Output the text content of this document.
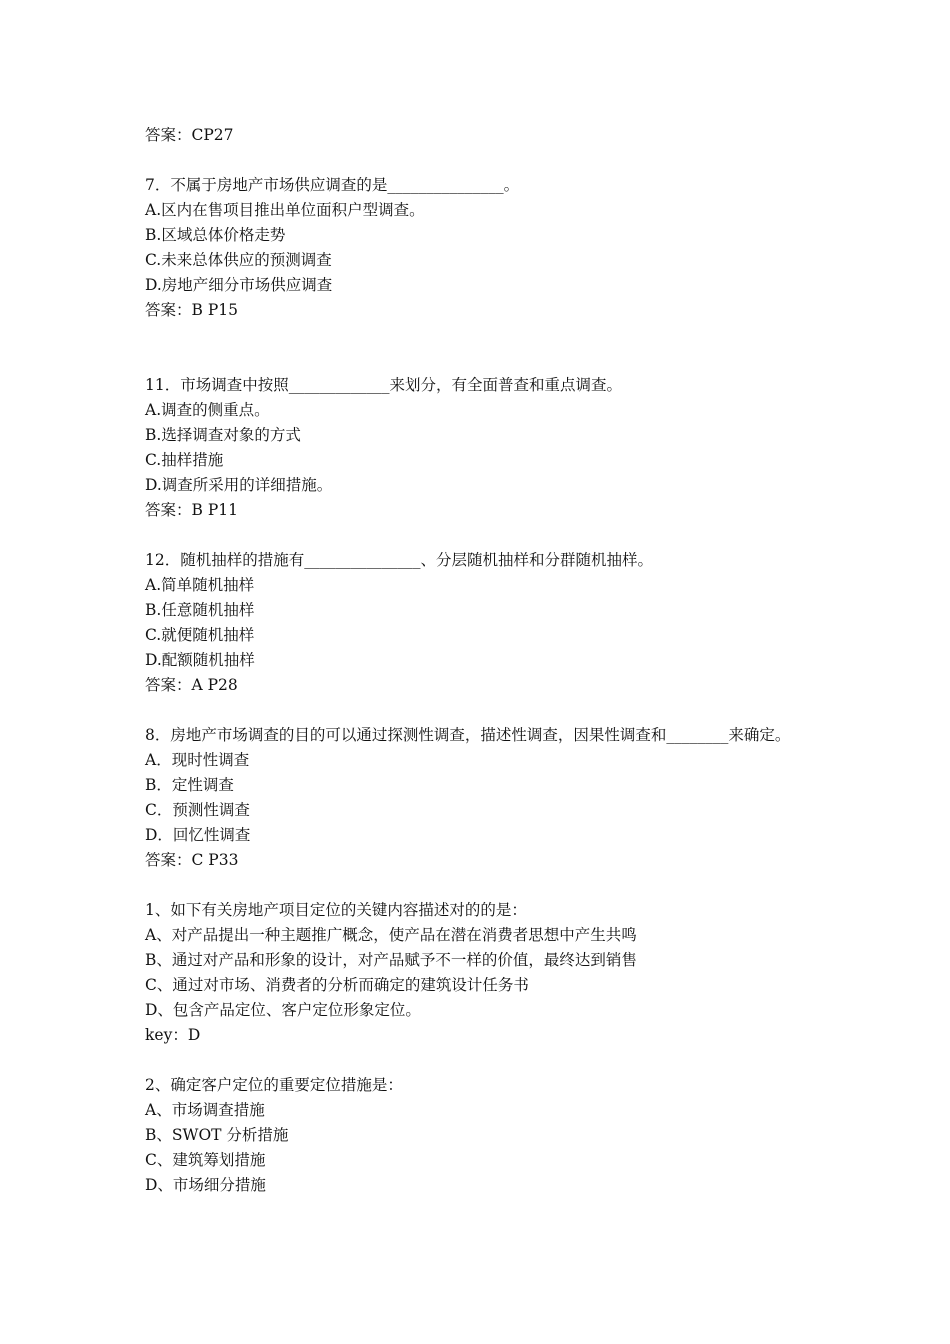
答案：CP27
7．不属于房地产市场供应调查的是_______________。
A.区内在售项目推出单位面积户型调查。
B.区域总体价格走势
C.未来总体供应的预测调查
D.房地产细分市场供应调查
答案：B P15
11．市场调查中按照_____________来划分，有全面普查和重点调查。
A.调查的侧重点。
B.选择调查对象的方式
C.抽样措施
D.调查所采用的详细措施。
答案：B P11
12．随机抽样的措施有_______________、分层随机抽样和分群随机抽样。
A.简单随机抽样
B.任意随机抽样
C.就便随机抽样
D.配额随机抽样
答案：A P28
8．房地产市场调查的目的可以通过探测性调查，描述性调查，因果性调查和________来确定。
A．现时性调查
B．定性调查
C．预测性调查
D．回忆性调查
答案：C P33
1、如下有关房地产项目定位的关键内容描述对的的是：
A、对产品提出一种主题推广概念，使产品在潜在消费者思想中产生共鸣
B、通过对产品和形象的设计，对产品赋予不一样的价值，最终达到销售
C、通过对市场、消费者的分析而确定的建筑设计任务书
D、包含产品定位、客户定位形象定位。
key：D
2、确定客户定位的重要定位措施是：
A、市场调查措施
B、SWOT 分析措施
C、建筑筹划措施
D、市场细分措施
